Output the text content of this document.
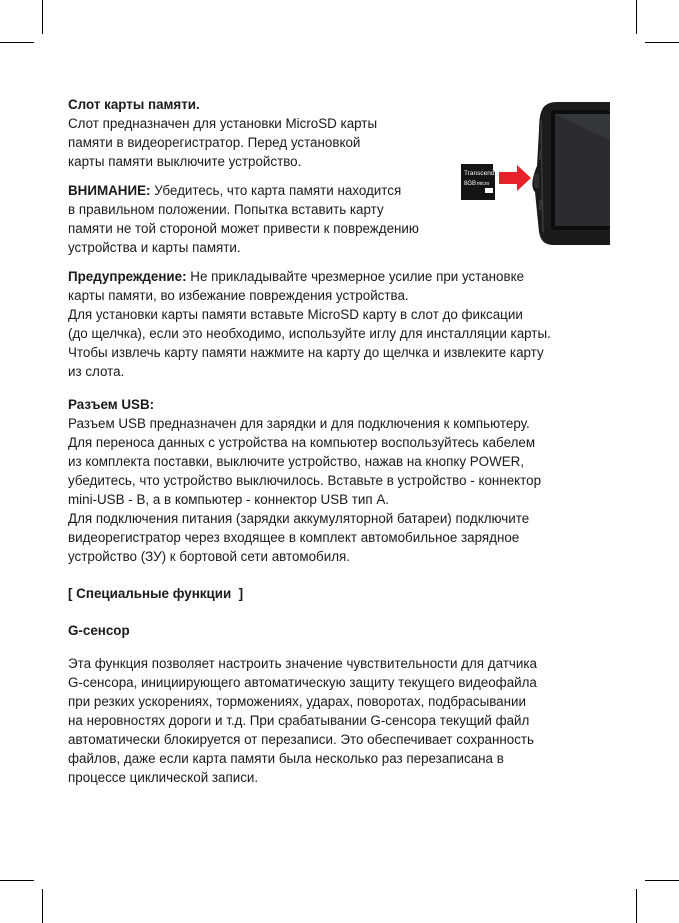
Transcend
8GB micro

Слот карты памяти.

Слот предназначен для установки MicroSD карты

памяти в видеорегистратор. Перед установкой

карты памяти выключите устройство.

ВНИМАНИЕ: Убедитесь, что карта памяти находится

в правильном положении. Попытка вставить карту

памяти не той стороной может привести к повреждению

устройства и карты памяти.

Предупреждение: Не прикладывайте чрезмерное усилие при установке

карты памяти, во избежание повреждения устройства.

Для установки карты памяти вставьте MicroSD карту в слот до фиксации

(до щелчка), если это необходимо, используйте иглу для инсталляции карты.

Чтобы извлечь карту памяти нажмите на карту до щелчка и извлеките карту

из слота.

Разъем USB:

Разъем USB предназначен для зарядки и для подключения к компьютеру.

Для переноса данных с устройства на компьютер воспользуйтесь кабелем

из комплекта поставки, выключите устройство, нажав на кнопку POWER,

убедитесь, что устройство выключилось. Вставьте в устройство - коннектор

mini-USB - B, а в компьютер - коннектор USB тип А.

Для подключения питания (зарядки аккумуляторной батареи) подключите

видеорегистратор через входящее в комплект автомобильное зарядное

устройство (ЗУ) к бортовой сети автомобиля.

[ Специальные функции  ]

G-сенсор

Эта функция позволяет настроить значение чувствительности для датчика

G-сенсора, инициирующего автоматическую защиту текущего видеофайла

при резких ускорениях, торможениях, ударах, поворотах, подбрасывании

на неровностях дороги и т.д. При срабатывании G-сенсора текущий файл

автоматически блокируется от перезаписи. Это обеспечивает сохранность

файлов, даже если карта памяти была несколько раз перезаписана в

процессе циклической записи.
